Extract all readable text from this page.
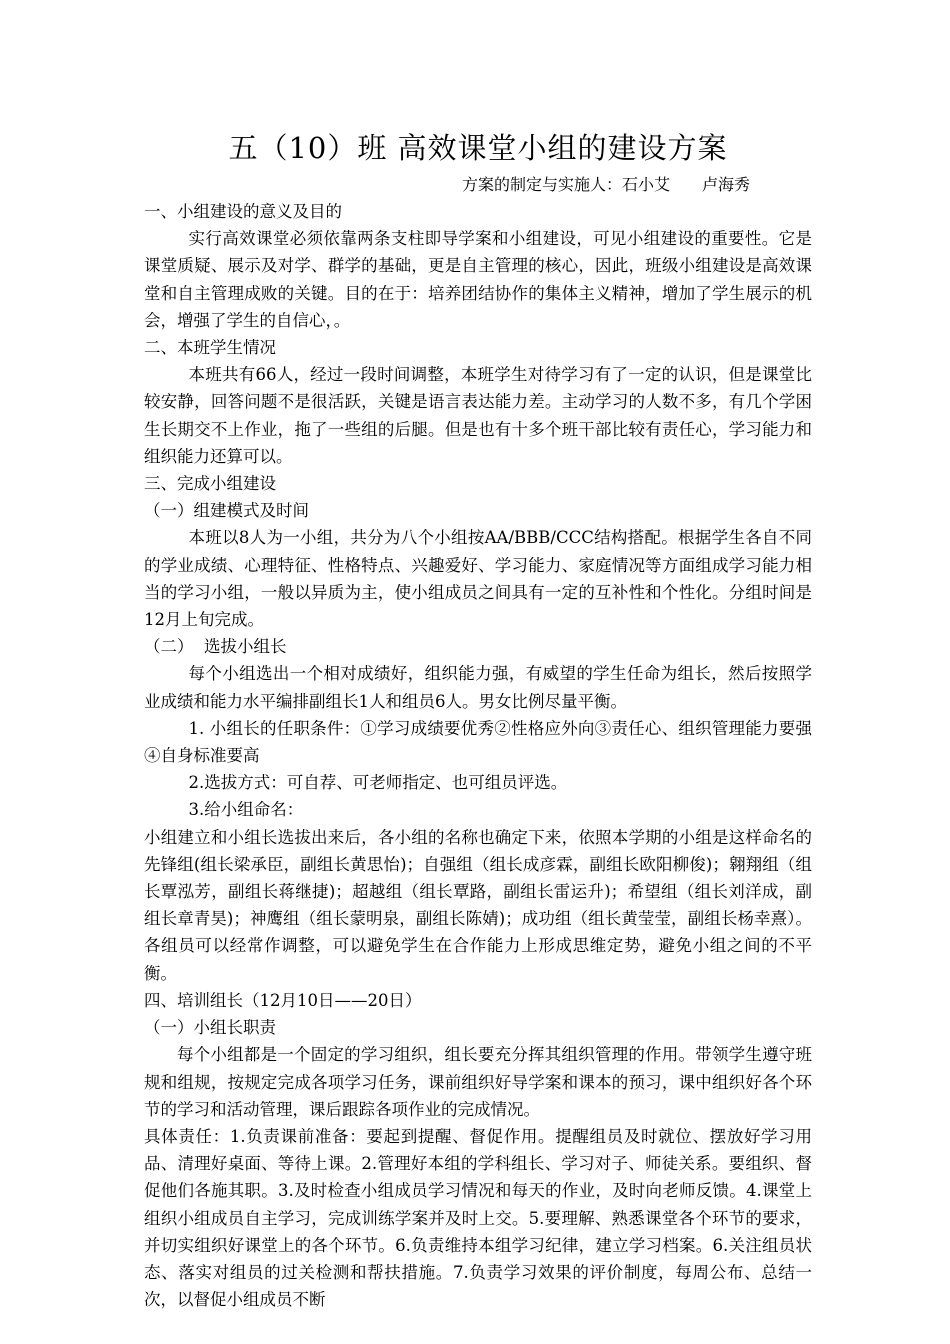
五（10）班 高效课堂小组的建设方案
方案的制定与实施人：石小艾　　卢海秀
一、小组建设的意义及目的

实行高效课堂必须依靠两条支柱即导学案和小组建设，可见小组建设的重要性。它是课堂质疑、展示及对学、群学的基础，更是自主管理的核心，因此，班级小组建设是高效课堂和自主管理成败的关键。目的在于：培养团结协作的集体主义精神，增加了学生展示的机会，增强了学生的自信心，。

二、本班学生情况

本班共有66人，经过一段时间调整，本班学生对待学习有了一定的认识，但是课堂比较安静，回答问题不是很活跃，关键是语言表达能力差。主动学习的人数不多，有几个学困生长期交不上作业，拖了一些组的后腿。但是也有十多个班干部比较有责任心，学习能力和组织能力还算可以。

三、完成小组建设
（一）组建模式及时间

本班以8人为一小组，共分为八个小组按AA/BBB/CCC结构搭配。根据学生各自不同的学业成绩、心理特征、性格特点、兴趣爱好、学习能力、家庭情况等方面组成学习能力相当的学习小组，一般以异质为主，使小组成员之间具有一定的互补性和个性化。分组时间是12月上旬完成。

（二）  选拔小组长

每个小组选出一个相对成绩好，组织能力强，有威望的学生任命为组长，然后按照学业成绩和能力水平编排副组长1人和组员6人。男女比例尽量平衡。

1. 小组长的任职条件：①学习成绩要优秀②性格应外向③责任心、组织管理能力要强④自身标准要高

2.选拔方式：可自荐、可老师指定、也可组员评选。

3.给小组命名：

小组建立和小组长选拔出来后，各小组的名称也确定下来，依照本学期的小组是这样命名的先锋组(组长梁承臣，副组长黄思怡)；自强组（组长成彦霖，副组长欧阳柳俊)；翱翔组（组长覃泓芳，副组长蒋继捷)；超越组（组长覃路，副组长雷运升)；希望组（组长刘洋成，副组长章青昊)；神鹰组（组长蒙明泉，副组长陈婧)；成功组（组长黄莹莹，副组长杨幸熹）。各组员可以经常作调整，可以避免学生在合作能力上形成思维定势，避免小组之间的不平衡。

四、培训组长（12月10日——20日）
（一）小组长职责

每个小组都是一个固定的学习组织，组长要充分挥其组织管理的作用。带领学生遵守班规和组规，按规定完成各项学习任务，课前组织好导学案和课本的预习，课中组织好各个环节的学习和活动管理，课后跟踪各项作业的完成情况。

具体责任：1.负责课前准备：要起到提醒、督促作用。提醒组员及时就位、摆放好学习用品、清理好桌面、等待上课。2.管理好本组的学科组长、学习对子、师徒关系。要组织、督促他们各施其职。3.及时检查小组成员学习情况和每天的作业，及时向老师反馈。4.课堂上组织小组成员自主学习，完成训练学案并及时上交。5.要理解、熟悉课堂各个环节的要求，并切实组织好课堂上的各个环节。6.负责维持本组学习纪律，建立学习档案。6.关注组员状态、落实对组员的过关检测和帮扶措施。7.负责学习效果的评价制度，每周公布、总结一次，以督促小组成员不断
